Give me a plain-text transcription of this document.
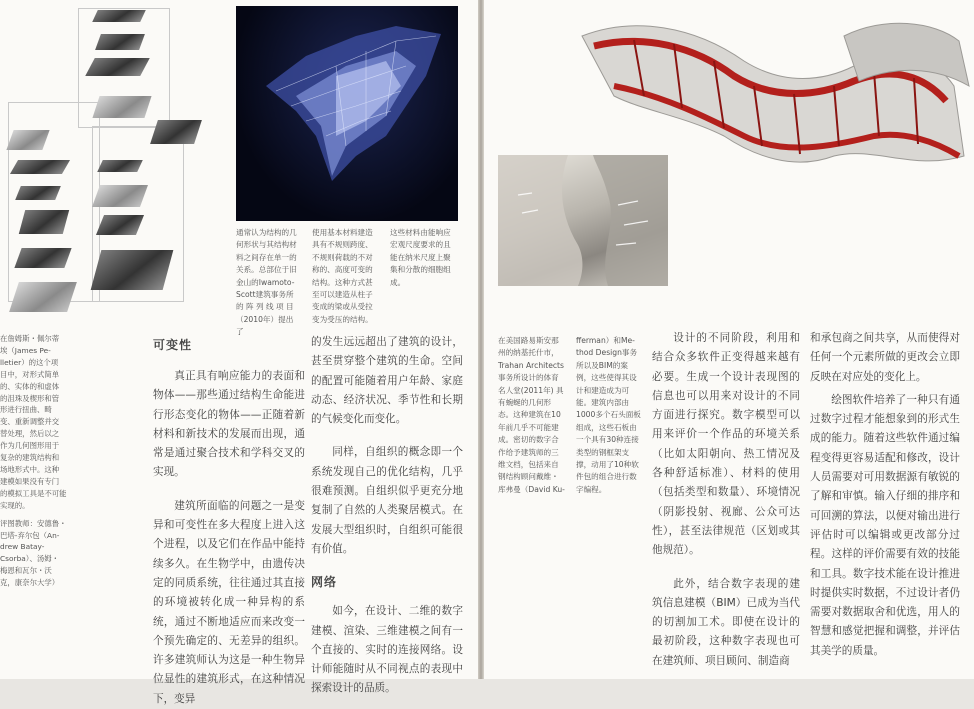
通常认为结构的几
何形状与其结构材
料之间存在单一的
关系。总部位于旧
金山的Iwamoto-
Scott建筑事务所
的 阵 列 线 项 目
（2010年）提出了
使用基本材料建造
具有不规则跨度、
不规则荷载的不对
称的、高度可变的
结构。这种方式甚
至可以建造从柱子
变成的梁或从受拉
变为受压的结构。
这些材料由能响应
宏观尺度要求的且
能在纳米尺度上聚
集和分散的细胞组
成。
在詹姆斯・佩尔蒂
埃（James Pe-
lletier）的这个项
目中，对形式简单
的、实体的和虚体
的沮珠及楔形和管
形进行扭曲、畸
变、重新调整并交
替处理，然后以之
作为几何图形用于
复杂的建筑结构和
场地形式中。这种
建模如果没有专门
的模拟工具是不可能
实现的。
评图教师：安德鲁・
巴塔-弃尔包（An-
drew Batay-
Csorba）、汤姆・
梅恩和瓦尔・沃
克，康奈尔大学）
可变性
真正具有响应能力的表面和物体——那些通过结构生命能进行形态变化的物体——正随着新材料和新技术的发展而出现，通常是通过聚合技术和学科交叉的实现。
建筑所面临的问题之一是变异和可变性在多大程度上进入这个进程，以及它们在作品中能持续多久。在生物学中，由遗传决定的同质系统，往往通过其直接的环境被转化成一种异构的系统，通过不断地适应而来改变一个预先确定的、无差异的组织。许多建筑师认为这是一种生物异位显性的建筑形式，在这种情况下，变异
的发生远远超出了建筑的设计，甚至贯穿整个建筑的生命。空间的配置可能随着用户年龄、家庭动态、经济状况、季节性和长期的气候变化而变化。
同样，自组织的概念即一个系统发现自己的优化结构，几乎很难预测。自组织似乎更充分地复制了自然的人类聚居模式。在发展大型组织时，自组织可能很有价值。
网络
如今，在设计、二维的数字建模、渲染、三维建模之间有一个直接的、实时的连接网络。设计师能随时从不同视点的表现中探索设计的品质。
在美国路易斯安那
州的纳基托什市，
Trahan Architects
事务所设计的体育
名人堂(2011年) 具
有蜿蜒的几何形
态。这种建筑在10
年前几乎不可能建
成。密切的数字合
作给予建筑师的三
维文档，包括来自
钢结构顾问戴维・
库弗曼（David Ku-
fferman）和Me-
thod Design事务
所以及BIM的案
例，这些使得其设
计和建造成为可
能。建筑内部由
1000多个石头面板
组成，这些石板由
一个具有30种连接
类型的钢框架支
撑，动用了10种软
件包的组合进行数
字编程。
设计的不同阶段，利用和结合众多软件正变得越来越有必要。生成一个设计表现图的信息也可以用来对设计的不同方面进行探究。数字模型可以用来评价一个作品的环境关系（比如太阳朝向、热工情况及各种舒适标准）、材料的使用（包括类型和数量）、环境情况（阴影投射、视廊、公众可达性），甚至法律规范（区划或其他规范）。
此外，结合数字表现的建筑信息建模（BIM）已成为当代的切割加工术。即使在设计的最初阶段，这种数字表现也可在建筑师、项目顾问、制造商
和承包商之间共享，从而使得对任何一个元素所做的更改会立即反映在对应处的变化上。
绘图软件培养了一种只有通过数字过程才能想象到的形式生成的能力。随着这些软件通过编程变得更容易适配和修改，设计人员需要对可用数据源有敏锐的了解和审慎。输入仔细的排序和可回溯的算法，以便对输出进行评估时可以编辑或更改部分过程。这样的评价需要有效的技能和工具。数字技术能在设计推进时提供实时数据，不过设计者仍需要对数据取舍和优选，用人的智慧和感觉把握和调整，并评估其美学的质量。
